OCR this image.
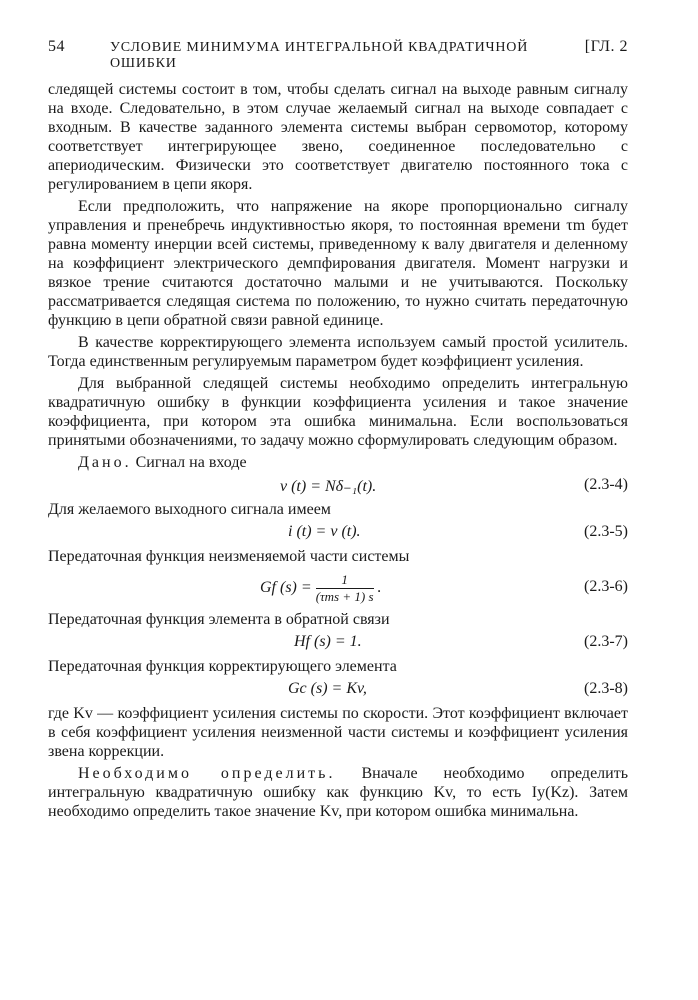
54	УСЛОВИЕ МИНИМУМА ИНТЕГРАЛЬНОЙ КВАДРАТИЧНОЙ ОШИБКИ
[ГЛ. 2

следящей системы состоит в том, чтобы сделать сигнал на выходе равным сигналу на входе. Следовательно, в этом случае желаемый сигнал на выходе совпадает с входным. В качестве заданного элемента системы выбран сервомотор, которому соответствует интегрирующее звено, соединенное последовательно с апериодическим. Физически это соответствует двигателю постоянного тока с регулированием в цепи якоря.

Если предположить, что напряжение на якоре пропорционально сигналу управления и пренебречь индуктивностью якоря, то постоянная времени τm будет равна моменту инерции всей системы, приведенному к валу двигателя и деленному на коэффициент электрического демпфирования двигателя. Момент нагрузки и вязкое трение считаются достаточно малыми и не учитываются. Поскольку рассматривается следящая система по положению, то нужно считать передаточную функцию в цепи обратной связи равной единице.

В качестве корректирующего элемента используем самый простой усилитель. Тогда единственным регулируемым параметром будет коэффициент усиления.

Для выбранной следящей системы необходимо определить интегральную квадратичную ошибку в функции коэффициента усиления и такое значение коэффициента, при котором эта ошибка минимальна. Если воспользоваться принятыми обозначениями, то задачу можно сформулировать следующим образом.

Дано. Сигнал на входе

v (t) = Nδ₋₁(t).	(2.3-4)

Для желаемого выходного сигнала имеем

i (t) = v (t).	(2.3-5)

Передаточная функция неизменяемой части системы

Gf $(s) = \frac{1}{\text{(τms + 1) s}}$ .	(2.3-6)

Передаточная функция элемента в обратной связи

Hf (s) = 1.	(2.3-7)

Передаточная функция корректирующего элемента

Gc (s) = Kv,	(2.3-8)

где Kv — коэффициент усиления системы по скорости. Этот коэффициент включает в себя коэффициент усиления неизменной части системы и коэффициент усиления звена коррекции.

Необходимо определить. Вначале необходимо определить интегральную квадратичную ошибку как функцию Kv, то есть Iy(Kz). Затем необходимо определить такое значение Kv, при котором ошибка минимальна.
